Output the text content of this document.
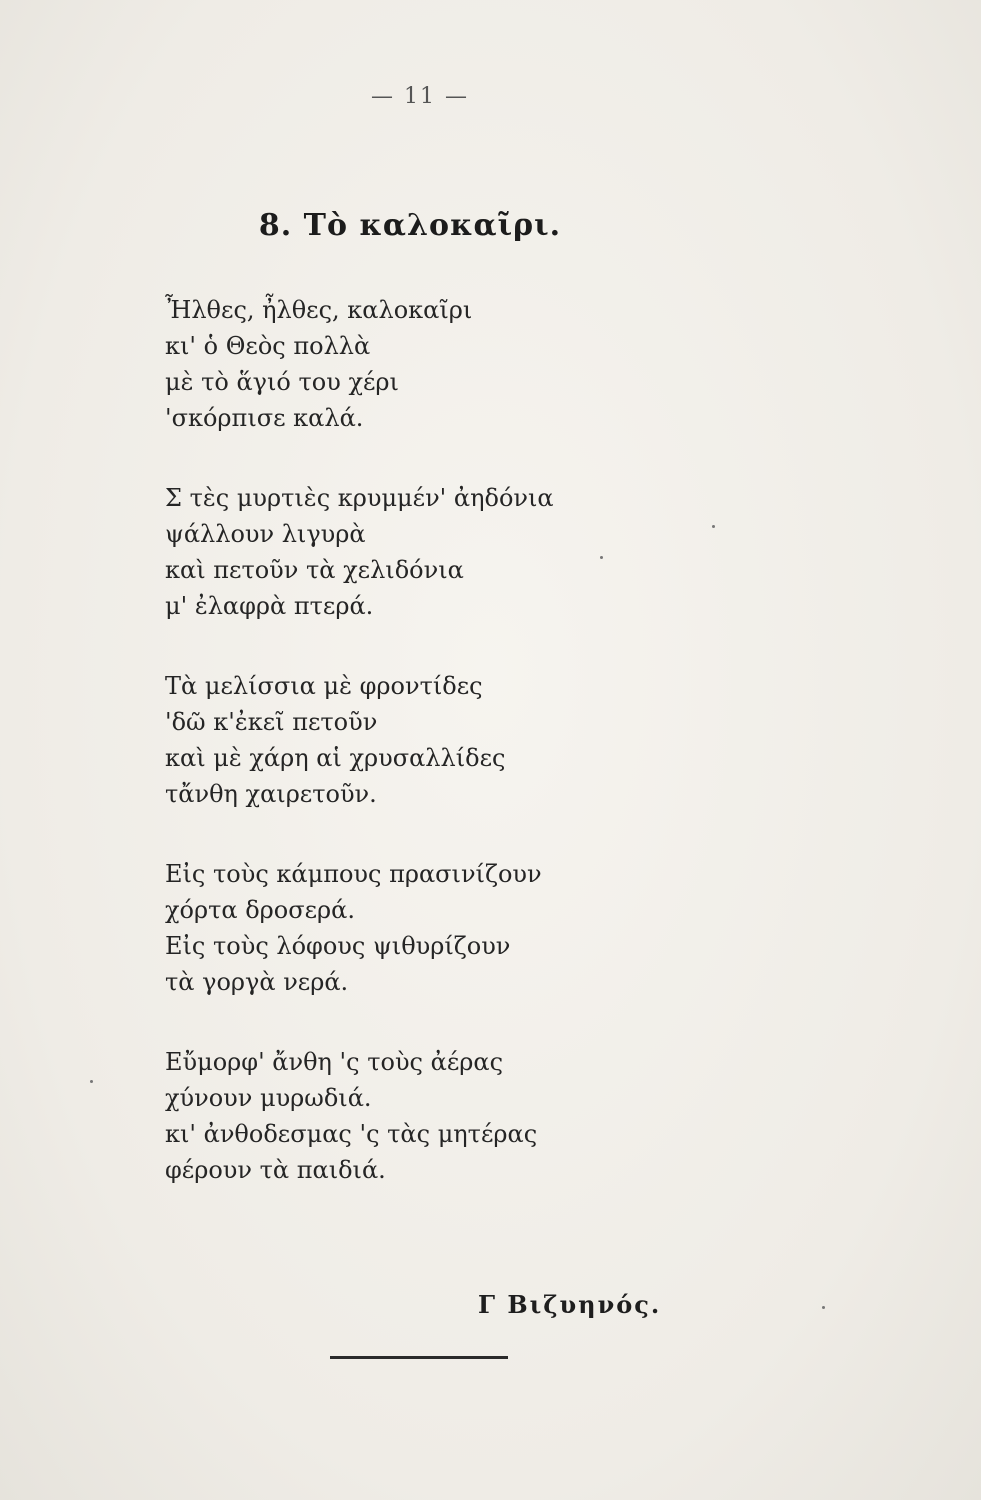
— 11 —
8. Τὸ καλοκαῖρι.
Ἦλθες, ἦλθες, καλοκαῖρι
κι' ὁ Θεὸς πολλὰ
μὲ τὸ ἅγιό του χέρι
'σκόρπισε καλά.
Σ τὲς μυρτιὲς κρυμμέν' ἀηδόνια
ψάλλουν λιγυρὰ
καὶ πετοῦν τὰ χελιδόνια
μ' ἐλαφρὰ πτερά.
Τὰ μελίσσια μὲ φροντίδες
'δῶ κ'ἐκεῖ πετοῦν
καὶ μὲ χάρη αἱ χρυσαλλίδες
τἄνθη χαιρετοῦν.
Εἰς τοὺς κάμπους πρασινίζουν
χόρτα δροσερά.
Εἰς τοὺς λόφους ψιθυρίζουν
τὰ γοργὰ νερά.
Εὔμορφ' ἄνθη 'ς τοὺς ἀέρας
χύνουν μυρωδιά.
κι' ἀνθοδεσμας 'ς τὰς μητέρας
φέρουν τὰ παιδιά.
Γ Βιζυηνός.
